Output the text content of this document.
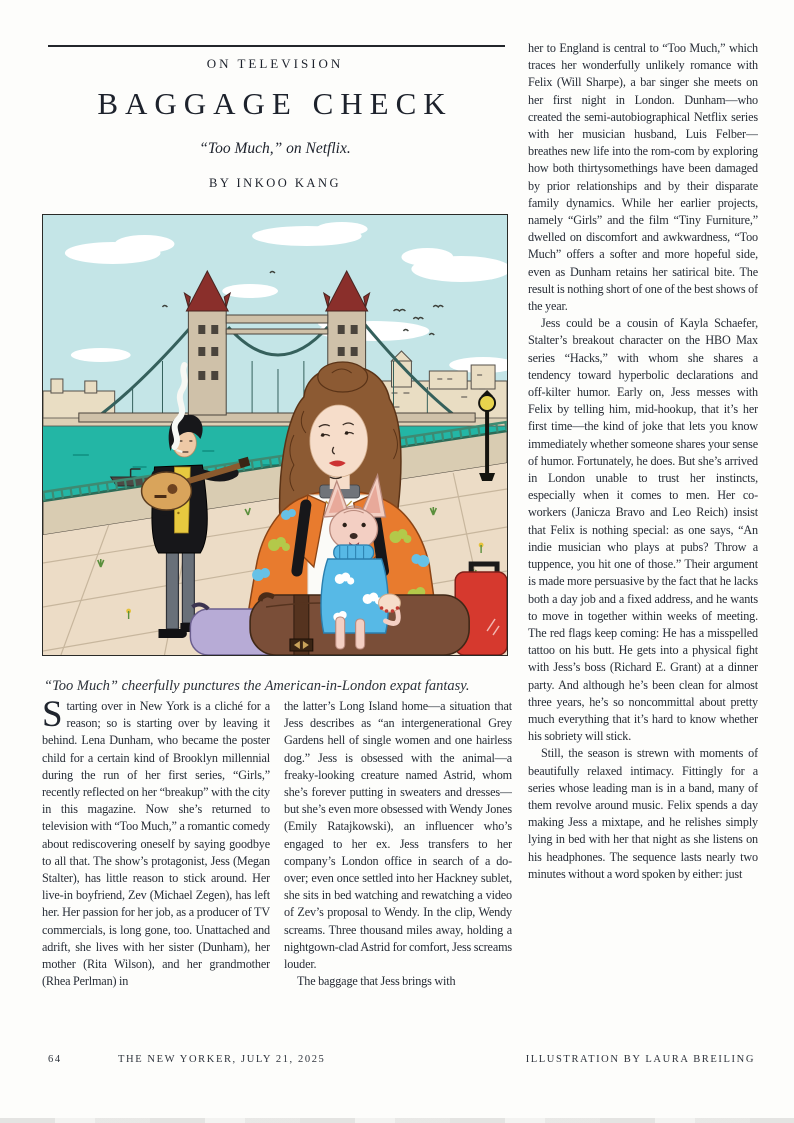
ON TELEVISION

BAGGAGE CHECK

“Too Much,” on Netflix.

BY INKOO KANG

“Too Much” cheerfully punctures the American-in-London expat fantasy.

Starting over in New York is a cliché for a reason; so is starting over by leaving it behind. Lena Dunham, who became the poster child for a certain kind of Brooklyn millennial during the run of her first series, “Girls,” recently reflected on her “breakup” with the city in this magazine. Now she’s returned to television with “Too Much,” a romantic comedy about rediscovering oneself by saying goodbye to all that. The show’s protagonist, Jess (Megan Stalter), has little reason to stick around. Her live-in boyfriend, Zev (Michael Zegen), has left her. Her passion for her job, as a producer of TV commercials, is long gone, too. Unattached and adrift, she lives with her sister (Dunham), her mother (Rita Wilson), and her grandmother (Rhea Perlman) in

the latter’s Long Island home—a situation that Jess describes as “an intergenerational Grey Gardens hell of single women and one hairless dog.” Jess is obsessed with the animal—a freaky-looking creature named Astrid, whom she’s forever putting in sweaters and dresses—but she’s even more obsessed with Wendy Jones (Emily Ratajkowski), an influencer who’s engaged to her ex. Jess transfers to her company’s London office in search of a do-over; even once settled into her Hackney sublet, she sits in bed watching and rewatching a video of Zev’s proposal to Wendy. In the clip, Wendy screams. Three thousand miles away, holding a nightgown-clad Astrid for comfort, Jess screams louder.

The baggage that Jess brings with

her to England is central to “Too Much,” which traces her wonderfully unlikely romance with Felix (Will Sharpe), a bar singer she meets on her first night in London. Dunham—who created the semi-autobiographical Netflix series with her musician husband, Luis Felber—breathes new life into the rom-com by exploring how both thirtysomethings have been damaged by prior relationships and by their disparate family dynamics. While her earlier projects, namely “Girls” and the film “Tiny Furniture,” dwelled on discomfort and awkwardness, “Too Much” offers a softer and more hopeful side, even as Dunham retains her satirical bite. The result is nothing short of one of the best shows of the year.

Jess could be a cousin of Kayla Schaefer, Stalter’s breakout character on the HBO Max series “Hacks,” with whom she shares a tendency toward hyperbolic declarations and off-kilter humor. Early on, Jess messes with Felix by telling him, mid-hookup, that it’s her first time—the kind of joke that lets you know immediately whether someone shares your sense of humor. Fortunately, he does. But she’s arrived in London unable to trust her instincts, especially when it comes to men. Her co-workers (Janicza Bravo and Leo Reich) insist that Felix is nothing special: as one says, “An indie musician who plays at pubs? Throw a tuppence, you hit one of those.” Their argument is made more persuasive by the fact that he lacks both a day job and a fixed address, and he wants to move in together within weeks of meeting. The red flags keep coming: He has a misspelled tattoo on his butt. He gets into a physical fight with Jess’s boss (Richard E. Grant) at a dinner party. And although he’s been clean for almost three years, he’s so noncommittal about pretty much everything that it’s hard to know whether his sobriety will stick.

Still, the season is strewn with moments of beautifully relaxed intimacy. Fittingly for a series whose leading man is in a band, many of them revolve around music. Felix spends a day making Jess a mixtape, and he relishes simply lying in bed with her that night as she listens on his headphones. The sequence lasts nearly two minutes without a word spoken by either: just

64	THE NEW YORKER, JULY 21, 2025	ILLUSTRATION BY LAURA BREILING
